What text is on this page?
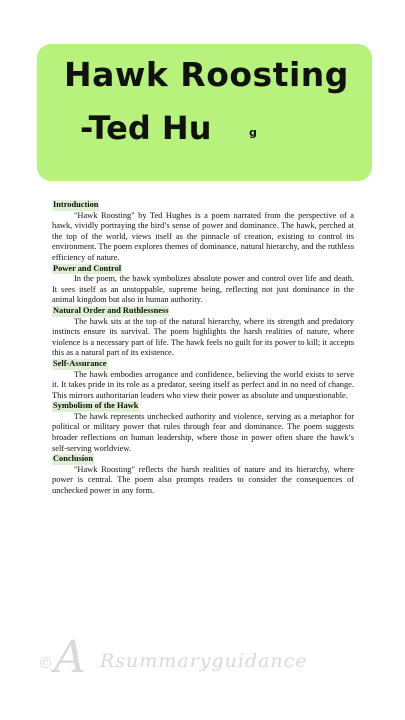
Hawk Roosting
-Ted Hu	g
Introduction

"Hawk Roosting" by Ted Hughes is a poem narrated from the perspective of a hawk, vividly portraying the bird’s sense of power and dominance. The hawk, perched at the top of the world, views itself as the pinnacle of creation, existing to control its environment. The poem explores themes of dominance, natural hierarchy, and the ruthless efficiency of nature.

Power and Control

In the poem, the hawk symbolizes absolute power and control over life and death. It sees itself as an unstoppable, supreme being, reflecting not just dominance in the animal kingdom but also in human authority.

Natural Order and Ruthlessness

The hawk sits at the top of the natural hierarchy, where its strength and predatory instincts ensure its survival. The poem highlights the harsh realities of nature, where violence is a necessary part of life. The hawk feels no guilt for its power to kill; it accepts this as a natural part of its existence.

Self-Assurance

The hawk embodies arrogance and confidence, believing the world exists to serve it. It takes pride in its role as a predator, seeing itself as perfect and in no need of change. This mirrors authoritarian leaders who view their power as absolute and unquestionable.

Symbolism of the Hawk

The hawk represents unchecked authority and violence, serving as a metaphor for political or military power that rules through fear and dominance. The poem suggests broader reflections on human leadership, where those in power often share the hawk’s self-serving worldview.

Conclusion

"Hawk Roosting" reflects the harsh realities of nature and its hierarchy, where power is central. The poem also prompts readers to consider the consequences of unchecked power in any form.

© A Rsummaryguidance
